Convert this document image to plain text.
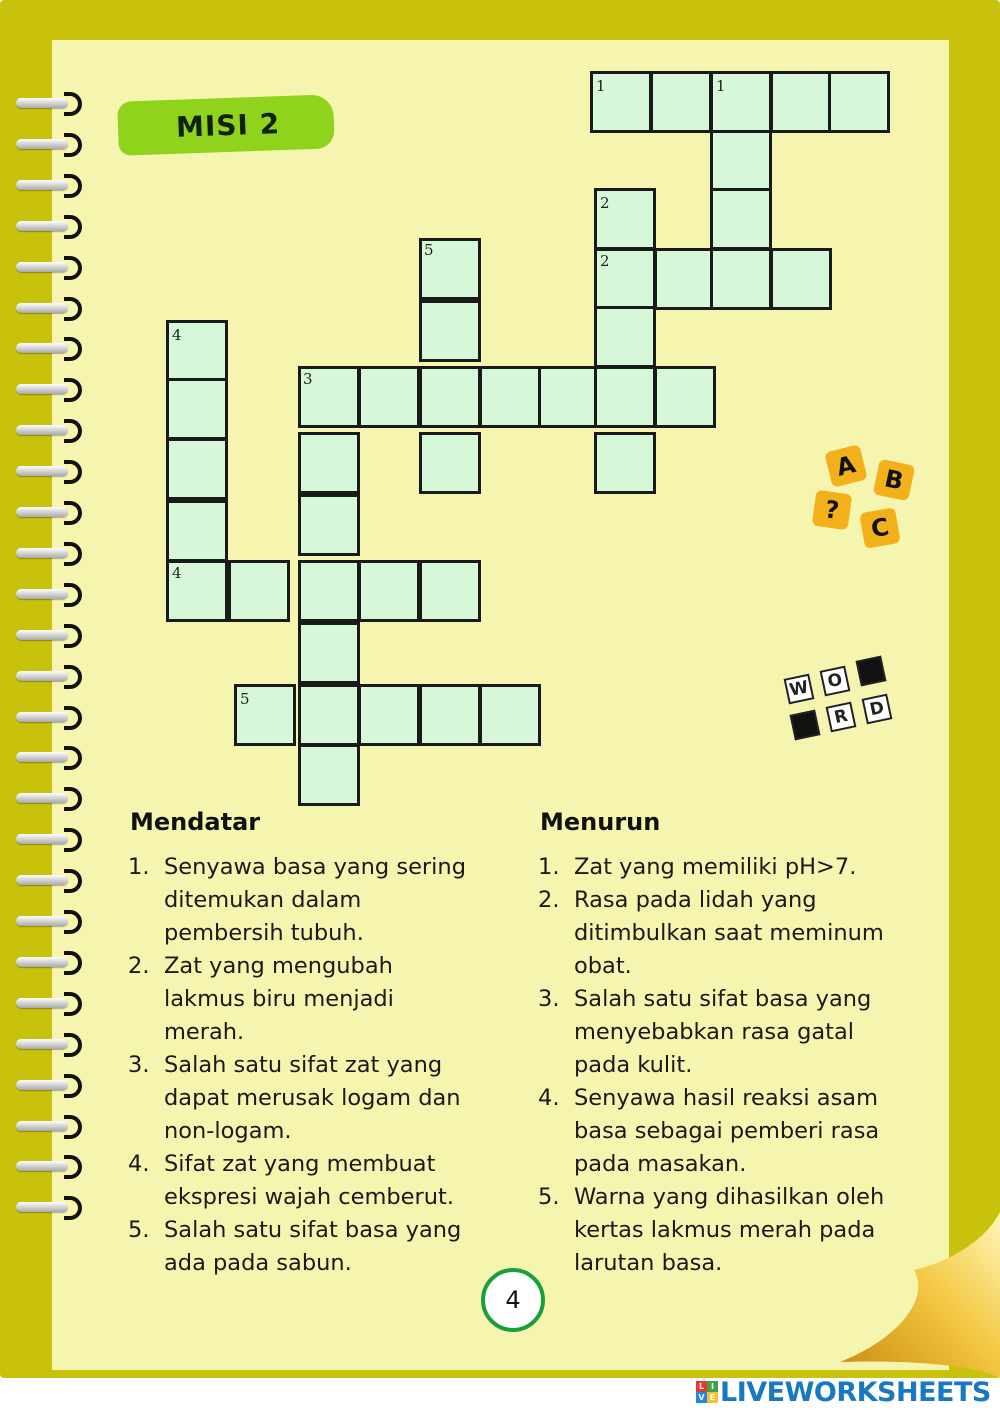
MISI 2
1	1
2
2
5
4
3
4
5
A B
?
C
W O
R	D
Mendatar
1. Senyawa basa yang sering
ditemukan dalam
pembersih tubuh.
2. Zat yang mengubah
lakmus biru menjadi
merah.
3. Salah satu sifat zat yang
dapat merusak logam dan
non-logam.
4. Sifat zat yang membuat
ekspresi wajah cemberut.
5. Salah satu sifat basa yang
ada pada sabun.
Menurun
1. Zat yang memiliki pH>7.
2. Rasa pada lidah yang
ditimbulkan saat meminum
obat.
3. Salah satu sifat basa yang
menyebabkan rasa gatal
pada kulit.
4. Senyawa hasil reaksi asam
basa sebagai pemberi rasa
pada masakan.
5. Warna yang dihasilkan oleh
kertas lakmus merah pada
larutan basa.
4
L I
V E LIVEWORKSHEETS
